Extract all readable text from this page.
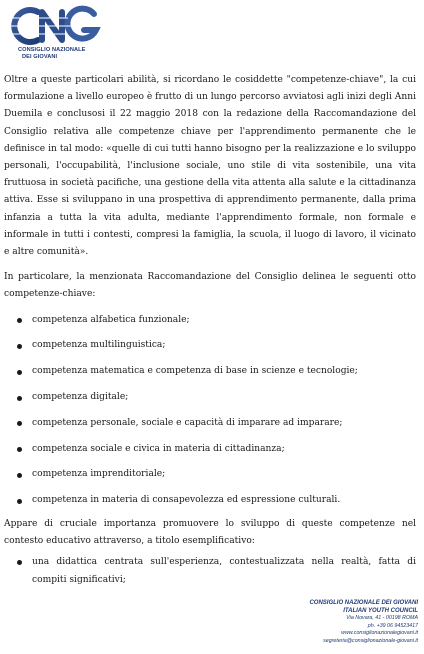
CONSIGLIO NAZIONALE
DEI GIOVANI

Oltre a queste particolari abilità, si ricordano le cosiddette "competenze-chiave", la cui formulazione a livello europeo è frutto di un lungo percorso avviatosi agli inizi degli Anni Duemila e conclusosi il 22 maggio 2018 con la redazione della Raccomandazione del Consiglio relativa alle competenze chiave per l'apprendimento permanente che le definisce in tal modo: «quelle di cui tutti hanno bisogno per la realizzazione e lo sviluppo personali, l'occupabilità, l'inclusione sociale, uno stile di vita sostenibile, una vita fruttuosa in società pacifiche, una gestione della vita attenta alla salute e la cittadinanza attiva. Esse si sviluppano in una prospettiva di apprendimento permanente, dalla prima infanzia a tutta la vita adulta, mediante l'apprendimento formale, non formale e informale in tutti i contesti, compresi la famiglia, la scuola, il luogo di lavoro, il vicinato e altre comunità».

In particolare, la menzionata Raccomandazione del Consiglio delinea le seguenti otto competenze-chiave:

competenza alfabetica funzionale;
competenza multilinguistica;
competenza matematica e competenza di base in scienze e tecnologie;
competenza digitale;
competenza personale, sociale e capacità di imparare ad imparare;
competenza sociale e civica in materia di cittadinanza;
competenza imprenditoriale;
competenza in materia di consapevolezza ed espressione culturali.

Appare di cruciale importanza promuovere lo sviluppo di queste competenze nel contesto educativo attraverso, a titolo esemplificativo:

una didattica centrata sull'esperienza, contestualizzata nella realtà, fatta di compiti significativi;
CONSIGLIO NAZIONALE DEI GIOVANI
ITALIAN YOUTH COUNCIL
Via Novara, 41 - 00198 ROMA
ph. +39 06 94523417
www.consiglionazionalegiovani.it
segreteria@consiglionazionale-giovani.it
